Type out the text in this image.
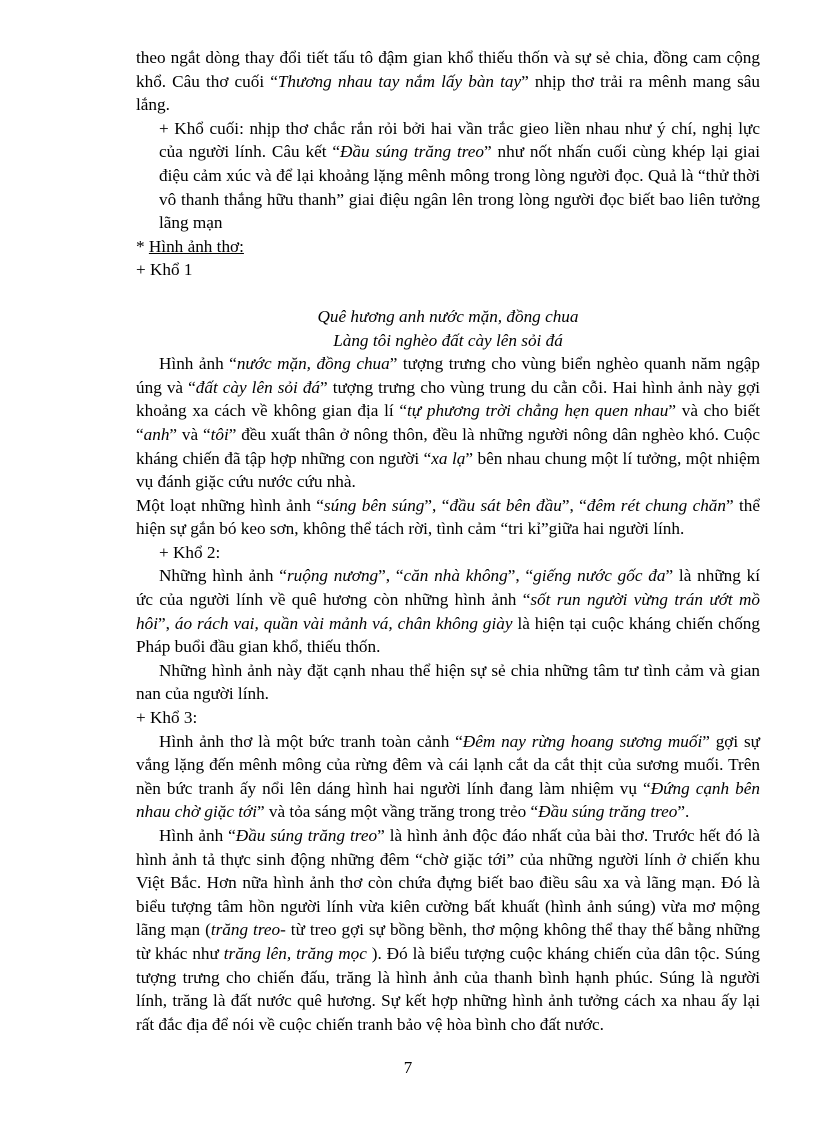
theo ngắt dòng thay đổi tiết tấu tô đậm gian khổ thiếu thốn và sự sẻ chia, đồng cam cộng khổ. Câu thơ cuối “Thương nhau tay nắm lấy bàn tay” nhịp thơ trải ra mênh mang sâu lắng.

+ Khổ cuối: nhịp thơ chắc rắn rỏi bởi hai vần trắc gieo liền nhau như ý chí, nghị lực của người lính. Câu kết “Đầu súng trăng treo” như nốt nhấn cuối cùng khép lại giai điệu cảm xúc và để lại khoảng lặng mênh mông trong lòng người đọc. Quả là “thử thời vô thanh thắng hữu thanh” giai điệu ngân lên trong lòng người đọc biết bao liên tưởng lãng mạn

* Hình ảnh thơ:

+ Khổ 1

Quê hương anh nước mặn, đồng chua

Làng tôi nghèo đất cày lên sỏi đá

Hình ảnh “nước mặn, đồng chua” tượng trưng cho vùng biển nghèo quanh năm ngập úng và “đất cày lên sỏi đá” tượng trưng cho vùng trung du cằn cỗi. Hai hình ảnh này gợi khoảng xa cách về không gian địa lí “tự phương trời chẳng hẹn quen nhau” và cho biết “anh” và “tôi” đều xuất thân ở nông thôn, đều là những người nông dân nghèo khó. Cuộc kháng chiến đã tập hợp những con người “xa lạ” bên nhau chung một lí tưởng, một nhiệm vụ đánh giặc cứu nước cứu nhà.

Một loạt những hình ảnh “súng bên súng”, “đầu sát bên đầu”, “đêm rét chung chăn” thể hiện sự gắn bó keo sơn, không thể tách rời, tình cảm “tri kỉ”giữa hai người lính.

+ Khổ 2:

Những hình ảnh “ruộng nương”, “căn nhà không”, “giếng nước gốc đa” là những kí ức của người lính về quê hương còn những hình ảnh “sốt run người vừng trán ướt mồ hôi”, áo rách vai, quần vài mảnh vá, chân không giày là hiện tại cuộc kháng chiến chống Pháp buổi đầu gian khổ, thiếu thốn.

Những hình ảnh này đặt cạnh nhau thể hiện sự sẻ chia những tâm tư tình cảm và gian nan của người lính.

+ Khổ 3:

Hình ảnh thơ là một bức tranh toàn cảnh “Đêm nay rừng hoang sương muối” gợi sự vắng lặng đến mênh mông của rừng đêm và cái lạnh cắt da cắt thịt của sương muối. Trên nền bức tranh ấy nổi lên dáng hình hai người lính đang làm nhiệm vụ “Đứng cạnh bên nhau chờ giặc tới” và tỏa sáng một vầng trăng trong trẻo “Đầu súng trăng treo”.

Hình ảnh “Đầu súng trăng treo” là hình ảnh độc đáo nhất của bài thơ. Trước hết đó là hình ảnh tả thực sinh động những đêm “chờ giặc tới” của những người lính ở chiến khu Việt Bắc. Hơn nữa hình ảnh thơ còn chứa đựng biết bao điều sâu xa và lãng mạn. Đó là biểu tượng tâm hồn người lính vừa kiên cường bất khuất (hình ảnh súng) vừa mơ mộng lãng mạn (trăng treo- từ treo gợi sự bồng bềnh, thơ mộng không thể thay thế bằng những từ khác như trăng lên, trăng mọc ). Đó là biểu tượng cuộc kháng chiến của dân tộc. Súng tượng trưng cho chiến đấu, trăng là hình ảnh của thanh bình hạnh phúc. Súng là người lính, trăng là đất nước quê hương. Sự kết hợp những hình ảnh tưởng cách xa nhau ấy lại rất đắc địa để nói về cuộc chiến tranh bảo vệ hòa bình cho đất nước.

7
